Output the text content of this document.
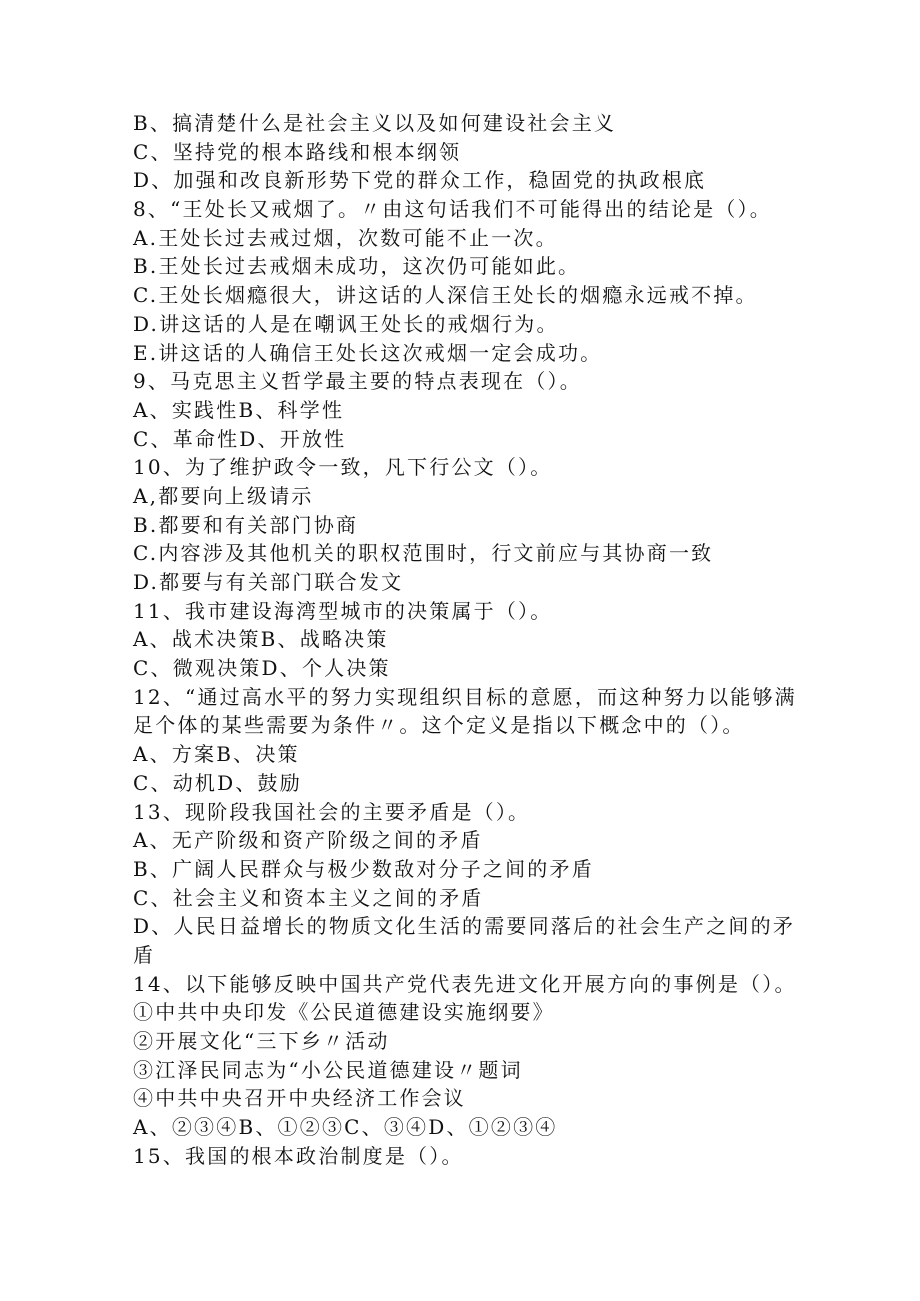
B、搞清楚什么是社会主义以及如何建设社会主义
C、坚持党的根本路线和根本纲领
D、加强和改良新形势下党的群众工作，稳固党的执政根底
8、“王处长又戒烟了。〃由这句话我们不可能得出的结论是（）。
A.王处长过去戒过烟，次数可能不止一次。
B.王处长过去戒烟未成功，这次仍可能如此。
C.王处长烟瘾很大，讲这话的人深信王处长的烟瘾永远戒不掉。
D.讲这话的人是在嘲讽王处长的戒烟行为。
E.讲这话的人确信王处长这次戒烟一定会成功。
9、马克思主义哲学最主要的特点表现在（）。
A、实践性B、科学性
C、革命性D、开放性
10、为了维护政令一致，凡下行公文（）。
A,都要向上级请示
B.都要和有关部门协商
C.内容涉及其他机关的职权范围时，行文前应与其协商一致
D.都要与有关部门联合发文
11、我市建设海湾型城市的决策属于（）。
A、战术决策B、战略决策
C、微观决策D、个人决策
12、“通过高水平的努力实现组织目标的意愿，而这种努力以能够满
足个体的某些需要为条件〃。这个定义是指以下概念中的（）。
A、方案B、决策
C、动机D、鼓励
13、现阶段我国社会的主要矛盾是（）。
A、无产阶级和资产阶级之间的矛盾
B、广阔人民群众与极少数敌对分子之间的矛盾
C、社会主义和资本主义之间的矛盾
D、人民日益增长的物质文化生活的需要同落后的社会生产之间的矛
盾
14、以下能够反映中国共产党代表先进文化开展方向的事例是（）。
①中共中央印发《公民道德建设实施纲要》
②开展文化“三下乡〃活动
③江泽民同志为“小公民道德建设〃题词
④中共中央召开中央经济工作会议
A、②③④B、①②③C、③④D、①②③④
15、我国的根本政治制度是（）。
